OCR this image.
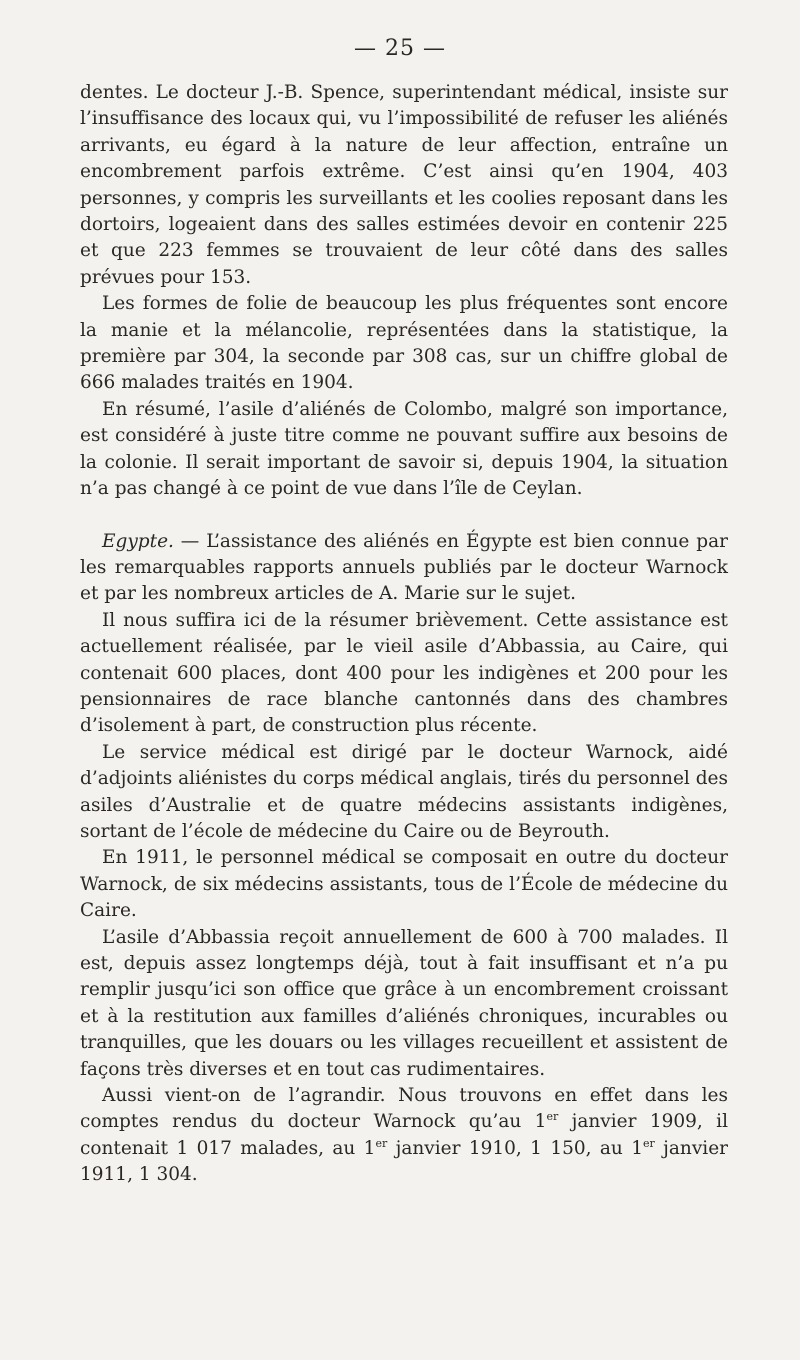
— 25 —

dentes. Le docteur J.-B. Spence, superintendant médical, insiste sur l’insuffisance des locaux qui, vu l’impossibilité de refuser les aliénés arrivants, eu égard à la nature de leur affection, entraîne un encombrement parfois extrême. C’est ainsi qu’en 1904, 403 personnes, y compris les surveillants et les coolies reposant dans les dortoirs, logeaient dans des salles estimées devoir en contenir 225 et que 223 femmes se trouvaient de leur côté dans des salles prévues pour 153.

Les formes de folie de beaucoup les plus fréquentes sont encore la manie et la mélancolie, représentées dans la statistique, la première par 304, la seconde par 308 cas, sur un chiffre global de 666 malades traités en 1904.

En résumé, l’asile d’aliénés de Colombo, malgré son importance, est considéré à juste titre comme ne pouvant suffire aux besoins de la colonie. Il serait important de savoir si, depuis 1904, la situation n’a pas changé à ce point de vue dans l’île de Ceylan.

Egypte. — L’assistance des aliénés en Égypte est bien connue par les remarquables rapports annuels publiés par le docteur Warnock et par les nombreux articles de A. Marie sur le sujet.

Il nous suffira ici de la résumer brièvement. Cette assistance est actuellement réalisée, par le vieil asile d’Abbassia, au Caire, qui contenait 600 places, dont 400 pour les indigènes et 200 pour les pensionnaires de race blanche cantonnés dans des chambres d’isolement à part, de construction plus récente.

Le service médical est dirigé par le docteur Warnock, aidé d’adjoints aliénistes du corps médical anglais, tirés du personnel des asiles d’Australie et de quatre médecins assistants indigènes, sortant de l’école de médecine du Caire ou de Beyrouth.

En 1911, le personnel médical se composait en outre du docteur Warnock, de six médecins assistants, tous de l’École de médecine du Caire.

L’asile d’Abbassia reçoit annuellement de 600 à 700 malades. Il est, depuis assez longtemps déjà, tout à fait insuffisant et n’a pu remplir jusqu’ici son office que grâce à un encombrement croissant et à la restitution aux familles d’aliénés chroniques, incurables ou tranquilles, que les douars ou les villages recueillent et assistent de façons très diverses et en tout cas rudimentaires.

Aussi vient-on de l’agrandir. Nous trouvons en effet dans les comptes rendus du docteur Warnock qu’au 1er janvier 1909, il contenait 1 017 malades, au 1er janvier 1910, 1 150, au 1er janvier 1911, 1 304.
